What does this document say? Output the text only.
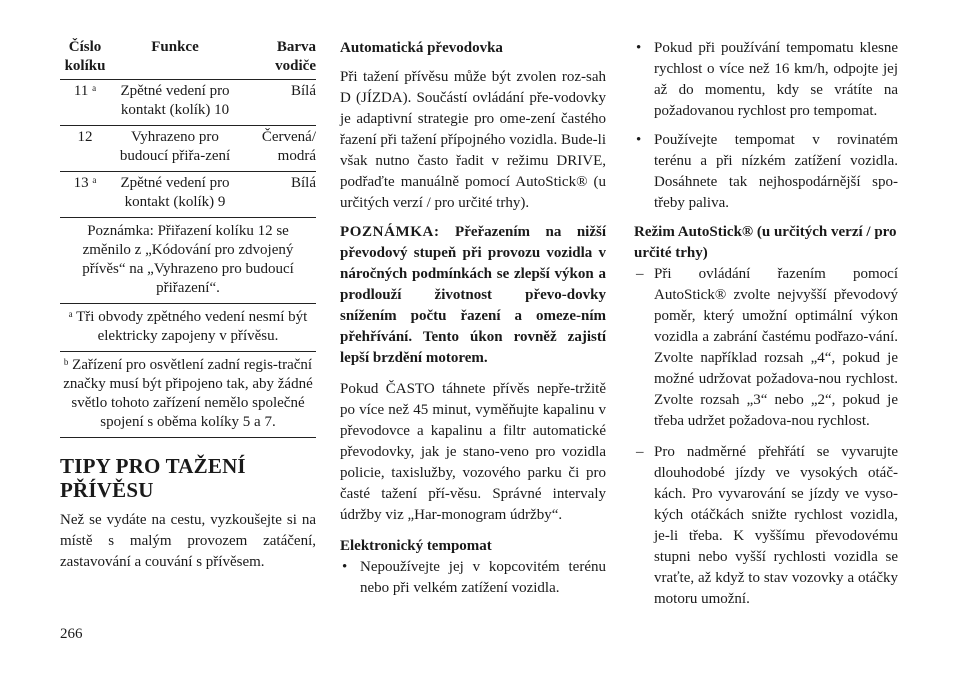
Číslo kolíku	Funkce	Barva vodiče
11 $^a$	Zpětné vedení pro kontakt (kolík) 10	Bílá
12	Vyhrazeno pro budoucí přiřa-zení	Červená/ modrá
13 $^a$	Zpětné vedení pro kontakt (kolík) 9	Bílá
Poznámka: Přiřazení kolíku 12 se změnilo z „Kódování pro zdvojený přívěs“ na „Vyhrazeno pro budoucí přiřazení“.		
$^a$ Tři obvody zpětného vedení nesmí být elektricky zapojeny v přívěsu.		
$^b$ Zařízení pro osvětlení zadní regis-trační značky musí být připojeno tak, aby žádné světlo tohoto zařízení nemělo společné spojení s oběma kolíky 5 a 7.		
TIPY PRO TAŽENÍ PŘÍVĚSU

Než se vydáte na cestu, vyzkoušejte si na místě s malým provozem zatáčení, zastavování a couvání s přívěsem.

266

Automatická převodovka

Při tažení přívěsu může být zvolen roz-sah D (JÍZDA). Součástí ovládání pře-vodovky je adaptivní strategie pro ome-zení častého řazení při tažení přípojného vozidla. Bude-li však nutno často řadit v režimu DRIVE, podřaďte manuálně pomocí AutoStick® (u určitých verzí / pro určité trhy).

POZNÁMKA: Přeřazením na nižší převodový stupeň při provozu vozidla v náročných podmínkách se zlepší výkon a prodlouží životnost převo-dovky snížením počtu řazení a omeze-ním přehřívání. Tento úkon rovněž zajistí lepší brzdění motorem.

Pokud ČASTO táhnete přívěs nepře-tržitě po více než 45 minut, vyměňujte kapalinu v převodovce a kapalinu a filtr automatické převodovky, jak je stano-veno pro vozidla policie, taxislužby, vozového parku či pro časté tažení pří-věsu. Správné intervaly údržby viz „Har-monogram údržby“.

Elektronický tempomat

• Nepoužívejte jej v kopcovitém terénu nebo při velkém zatížení vozidla.
• Pokud při používání tempomatu klesne rychlost o více než 16 km/h, odpojte jej až do momentu, kdy se vrátíte na požadovanou rychlost pro tempomat.
• Používejte tempomat v rovinatém terénu a při nízkém zatížení vozidla. Dosáhnete tak nejhospodárnější spo-třeby paliva.

Režim AutoStick® (u určitých verzí / pro určité trhy)

– Při ovládání řazením pomocí AutoStick® zvolte nejvyšší převodový poměr, který umožní optimální výkon vozidla a zabrání častému podřazo-vání. Zvolte například rozsah „4“, pokud je možné udržovat požadova-nou rychlost. Zvolte rozsah „3“ nebo „2“, pokud je třeba udržet požadova-nou rychlost.
– Pro nadměrné přehřátí se vyvarujte dlouhodobé jízdy ve vysokých otáč-kách. Pro vyvarování se jízdy ve vyso-kých otáčkách snižte rychlost vozidla, je-li třeba. K vyššímu převodovému stupni nebo vyšší rychlosti vozidla se vraťte, až když to stav vozovky a otáčky motoru umožní.
